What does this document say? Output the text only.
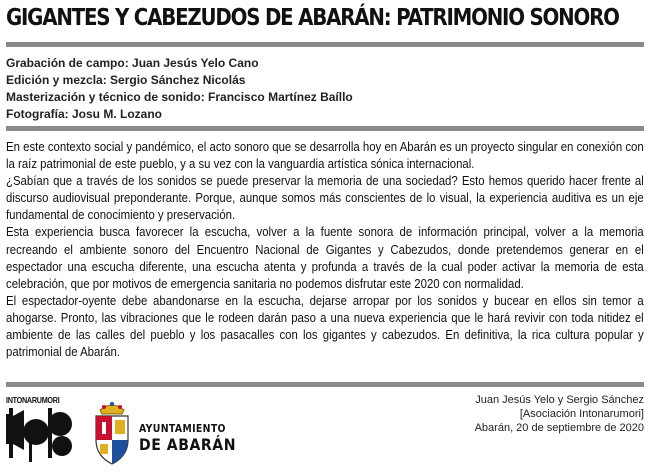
GIGANTES Y CABEZUDOS DE ABARÁN: PATRIMONIO SONORO
Grabación de campo: Juan Jesús Yelo Cano
Edición y mezcla: Sergio Sánchez Nicolás
Masterización y técnico de sonido: Francisco Martínez Baíllo
Fotografía: Josu M. Lozano

En este contexto social y pandémico, el acto sonoro que se desarrolla hoy en Abarán es un proyecto singular en conexión con la raíz patrimonial de este pueblo, y a su vez con la vanguardia artística sónica internacional.

¿Sabían que a través de los sonidos se puede preservar la memoria de una sociedad? Esto hemos querido hacer frente al discurso audiovisual preponderante. Porque, aunque somos más conscientes de lo visual, la experiencia auditiva es un eje fundamental de conocimiento y preservación.

Esta experiencia busca favorecer la escucha, volver a la fuente sonora de información principal, volver a la memoria recreando el ambiente sonoro del Encuentro Nacional de Gigantes y Cabezudos, donde pretendemos generar en el espectador una escucha diferente, una escucha atenta y profunda a través de la cual poder activar la memoria de esta celebración, que por motivos de emergencia sanitaria no podemos disfrutar este 2020 con normalidad.

El espectador-oyente debe abandonarse en la escucha, dejarse arropar por los sonidos y bucear en ellos sin temor a ahogarse. Pronto, las vibraciones que le rodeen darán paso a una nueva experiencia que le hará revivir con toda nitidez el ambiente de las calles del pueblo y los pasacalles con los gigantes y cabezudos. En definitiva, la rica cultura popular y patrimonial de Abarán.

INTONARUMORI
AYUNTAMIENTO
DE ABARÁN
Juan Jesús Yelo y Sergio Sánchez
[Asociación Intonarumori]
Abarán, 20 de septiembre de 2020
